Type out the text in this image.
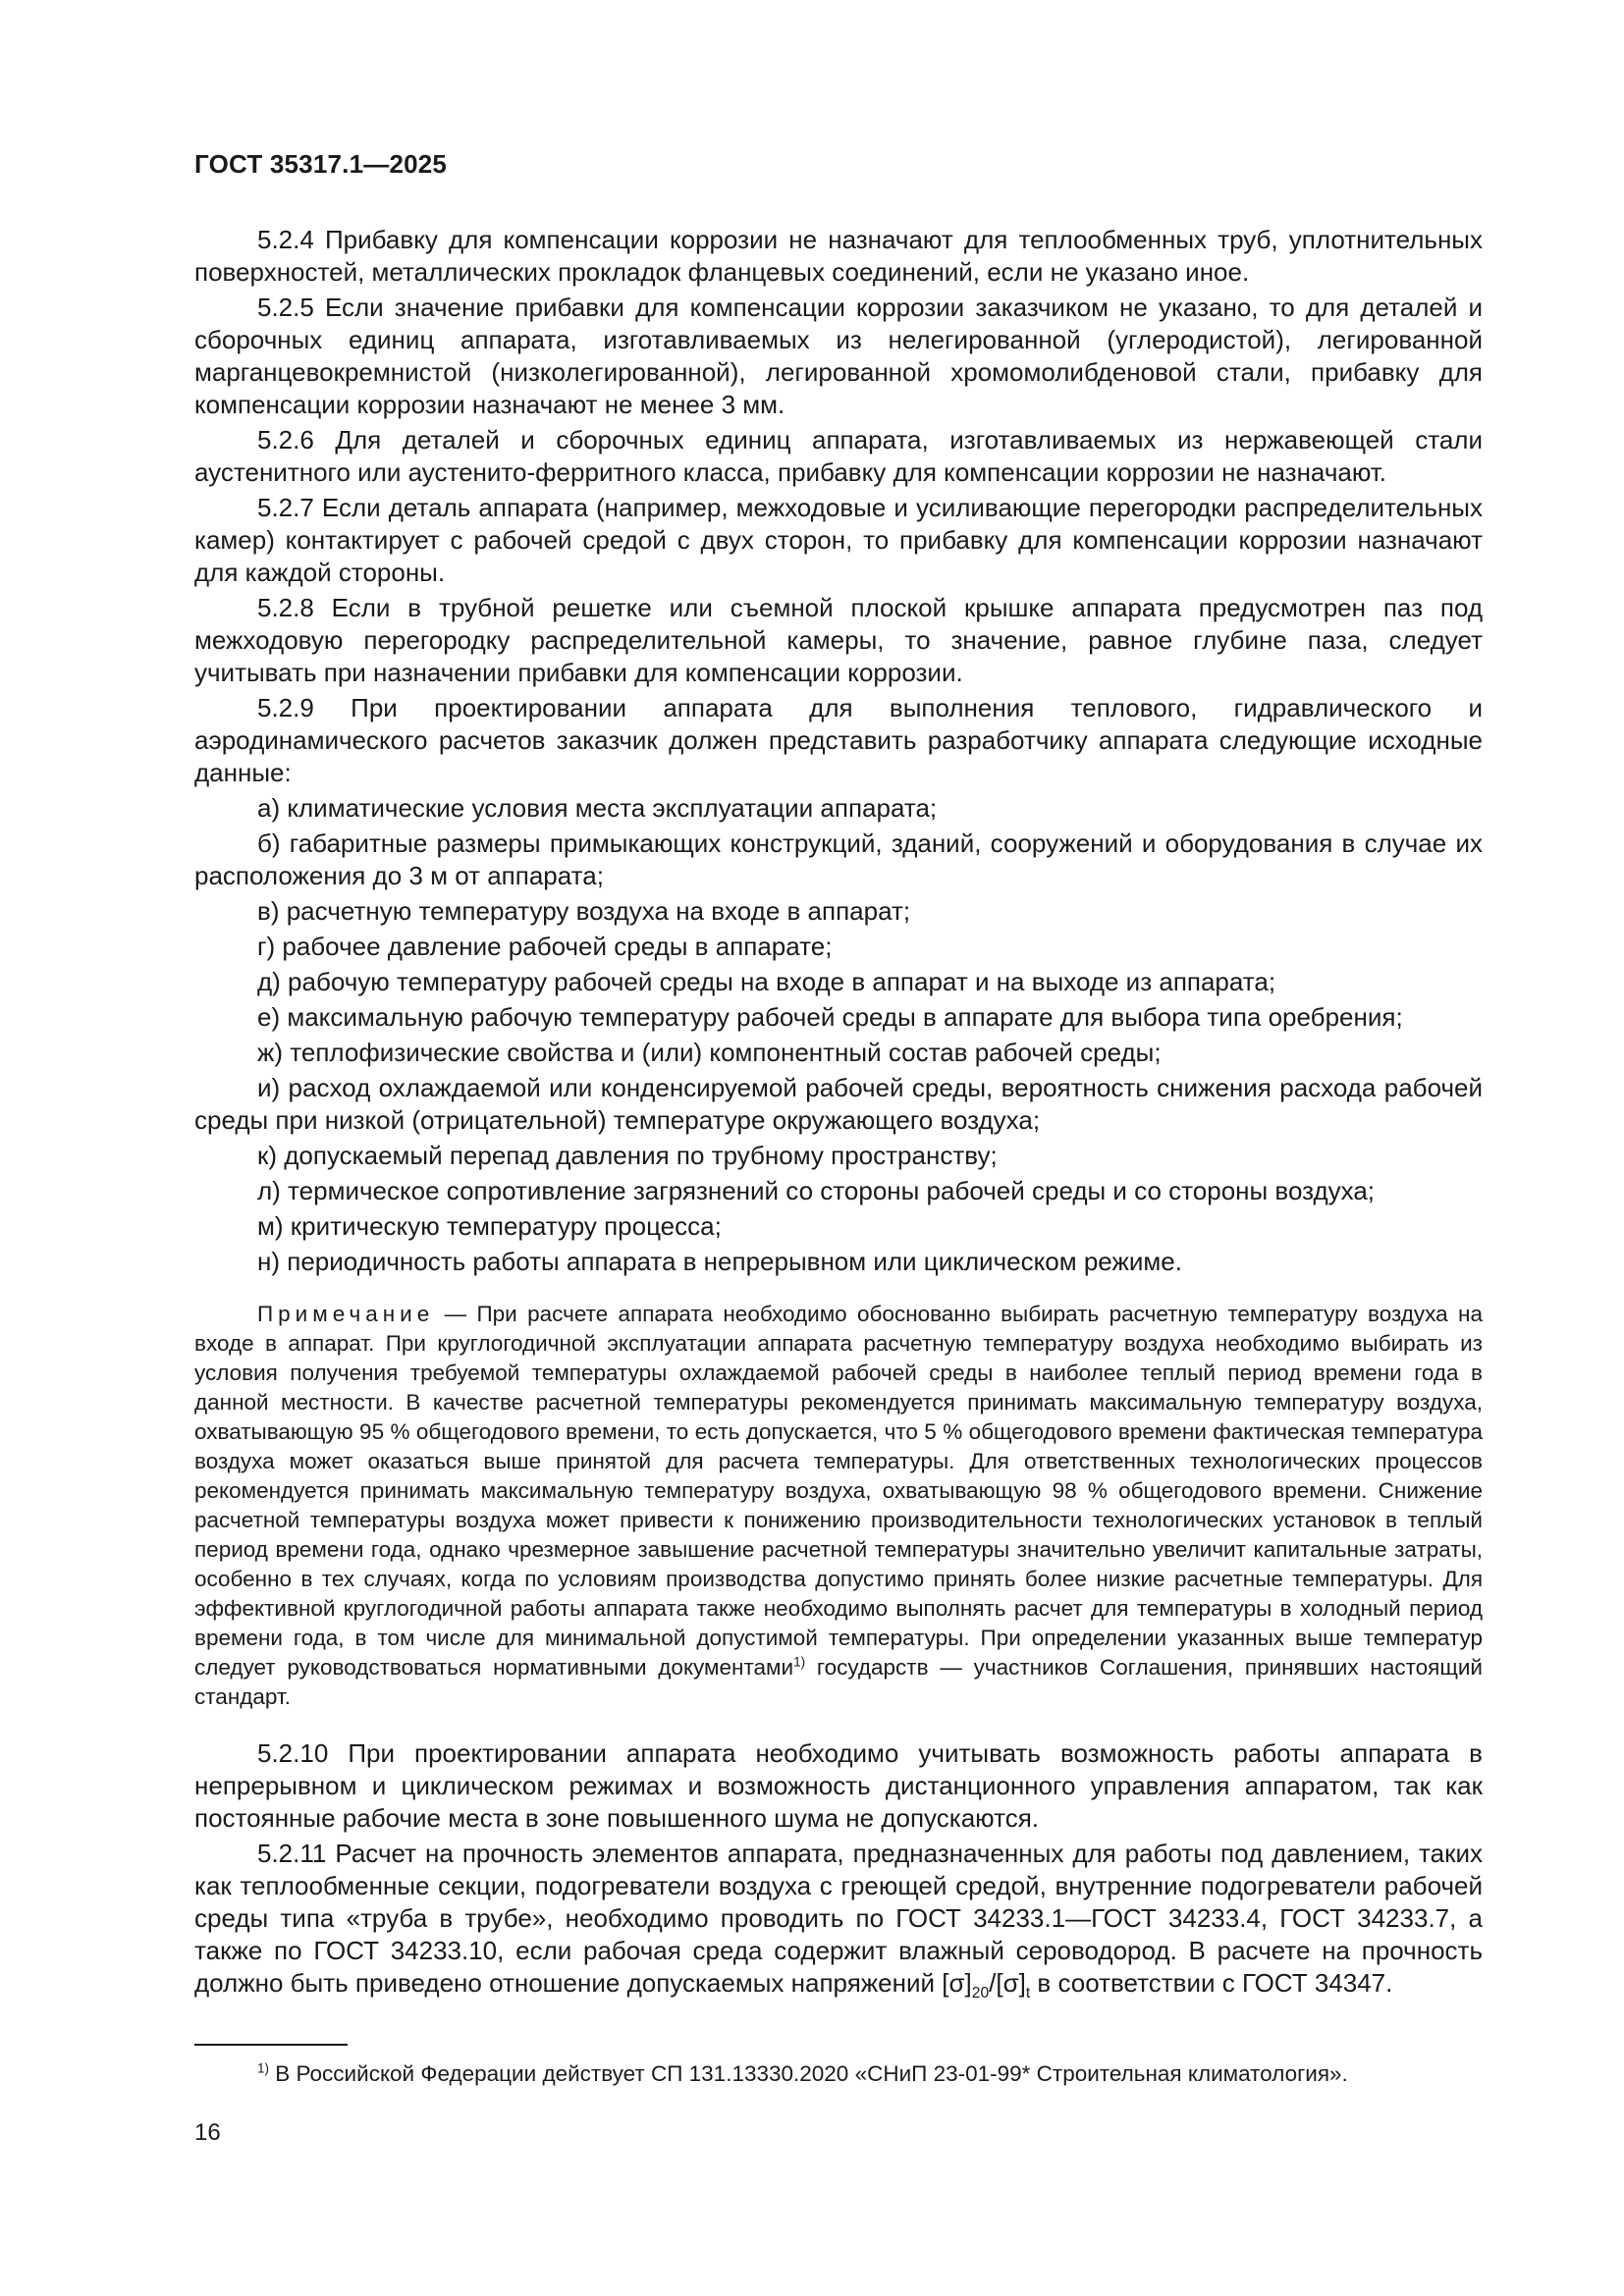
ГОСТ 35317.1—2025

5.2.4 Прибавку для компенсации коррозии не назначают для теплообменных труб, уплотнительных поверхностей, металлических прокладок фланцевых соединений, если не указано иное.

5.2.5 Если значение прибавки для компенсации коррозии заказчиком не указано, то для деталей и сборочных единиц аппарата, изготавливаемых из нелегированной (углеродистой), легированной марганцевокремнистой (низколегированной), легированной хромомолибденовой стали, прибавку для компенсации коррозии назначают не менее 3 мм.

5.2.6 Для деталей и сборочных единиц аппарата, изготавливаемых из нержавеющей стали аустенитного или аустенито-ферритного класса, прибавку для компенсации коррозии не назначают.

5.2.7 Если деталь аппарата (например, межходовые и усиливающие перегородки распределительных камер) контактирует с рабочей средой с двух сторон, то прибавку для компенсации коррозии назначают для каждой стороны.

5.2.8 Если в трубной решетке или съемной плоской крышке аппарата предусмотрен паз под межходовую перегородку распределительной камеры, то значение, равное глубине паза, следует учитывать при назначении прибавки для компенсации коррозии.

5.2.9 При проектировании аппарата для выполнения теплового, гидравлического и аэродинамического расчетов заказчик должен представить разработчику аппарата следующие исходные данные:

а) климатические условия места эксплуатации аппарата;

б) габаритные размеры примыкающих конструкций, зданий, сооружений и оборудования в случае их расположения до 3 м от аппарата;

в) расчетную температуру воздуха на входе в аппарат;

г) рабочее давление рабочей среды в аппарате;

д) рабочую температуру рабочей среды на входе в аппарат и на выходе из аппарата;

е) максимальную рабочую температуру рабочей среды в аппарате для выбора типа оребрения;

ж) теплофизические свойства и (или) компонентный состав рабочей среды;

и) расход охлаждаемой или конденсируемой рабочей среды, вероятность снижения расхода рабочей среды при низкой (отрицательной) температуре окружающего воздуха;

к) допускаемый перепад давления по трубному пространству;

л) термическое сопротивление загрязнений со стороны рабочей среды и со стороны воздуха;

м) критическую температуру процесса;

н) периодичность работы аппарата в непрерывном или циклическом режиме.

Примечание — При расчете аппарата необходимо обоснованно выбирать расчетную температуру воздуха на входе в аппарат. При круглогодичной эксплуатации аппарата расчетную температуру воздуха необходимо выбирать из условия получения требуемой температуры охлаждаемой рабочей среды в наиболее теплый период времени года в данной местности. В качестве расчетной температуры рекомендуется принимать максимальную температуру воздуха, охватывающую 95 % общегодового времени, то есть допускается, что 5 % общегодового времени фактическая температура воздуха может оказаться выше принятой для расчета температуры. Для ответственных технологических процессов рекомендуется принимать максимальную температуру воздуха, охватывающую 98 % общегодового времени. Снижение расчетной температуры воздуха может привести к понижению производительности технологических установок в теплый период времени года, однако чрезмерное завышение расчетной температуры значительно увеличит капитальные затраты, особенно в тех случаях, когда по условиям производства допустимо принять более низкие расчетные температуры. Для эффективной круглогодичной работы аппарата также необходимо выполнять расчет для температуры в холодный период времени года, в том числе для минимальной допустимой температуры. При определении указанных выше температур следует руководствоваться нормативными документами$^{1)}$ государств — участников Соглашения, принявших настоящий стандарт.

5.2.10 При проектировании аппарата необходимо учитывать возможность работы аппарата в непрерывном и циклическом режимах и возможность дистанционного управления аппаратом, так как постоянные рабочие места в зоне повышенного шума не допускаются.

5.2.11 Расчет на прочность элементов аппарата, предназначенных для работы под давлением, таких как теплообменные секции, подогреватели воздуха с греющей средой, внутренние подогреватели рабочей среды типа «труба в трубе», необходимо проводить по ГОСТ 34233.1—ГОСТ 34233.4, ГОСТ 34233.7, а также по ГОСТ 34233.10, если рабочая среда содержит влажный сероводород. В расчете на прочность должно быть приведено отношение допускаемых напряжений $[\sigma]_{20}/[\sigma]_t$ в соответствии с ГОСТ 34347.

$^{1)}$ В Российской Федерации действует СП 131.13330.2020 «СНиП 23-01-99* Строительная климатология».
16
